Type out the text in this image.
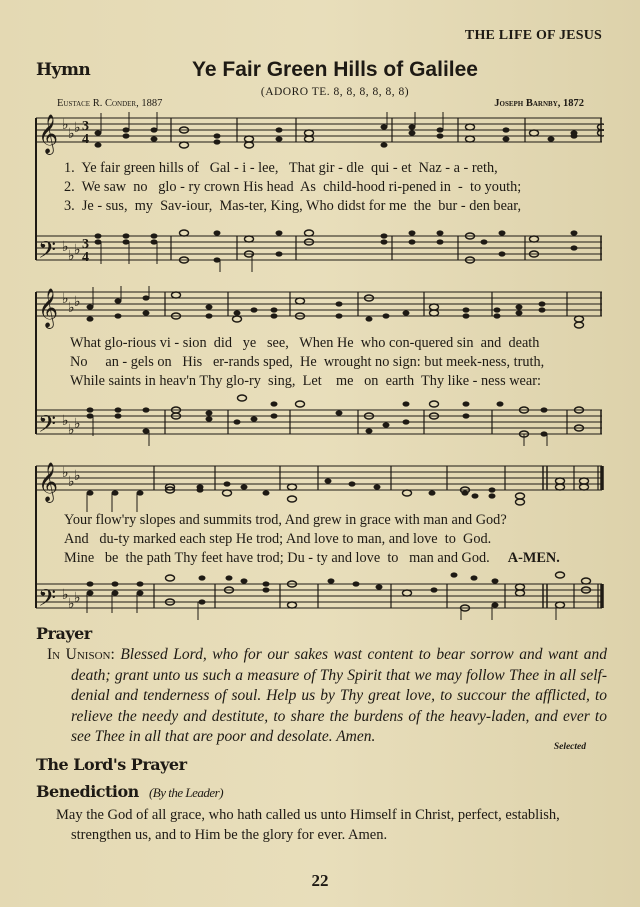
THE LIFE OF JESUS
Hymn	Ye Fair Green Hills of Galilee
(ADORO TE. 8, 8, 8, 8, 8, 8)
Eustace R. Conder, 1887	Joseph Barnby, 1872
𝄞
𝄢
♭
♭ ♭
♭
♭ ♭
3
4
3
4
1.  Ye fair green hills of   Gal - i - lee,   That gir - dle  qui - et  Naz - a - reth,
2.  We saw  no   glo - ry crown His head  As  child-hood ri-pened in  -  to youth;
3.  Je - sus,  my  Sav-iour,  Mas-ter, King, Who didst for me  the  bur - den bear,
𝄞
𝄢
♭
♭ ♭
♭
♭ ♭
What glo-rious vi - sion  did   ye   see,   When He  who con-quered sin  and  death
No     an - gels on   His   er-rands sped,  He  wrought no sign: but meek-ness, truth,
While saints in heav'n Thy glo-ry  sing,  Let    me   on  earth  Thy like - ness wear:
𝄞
𝄢
♭
♭ ♭
♭
♭ ♭
Your flow'ry slopes and summits trod, And grew in grace with man and God?
And   du-ty marked each step He trod; And love to man, and love  to  God.
Mine   be  the path Thy feet have trod; Du - ty and love  to   man and God. A-MEN.
Prayer

In Unison: Blessed Lord, who for our sakes wast content to bear sorrow and want and death; grant unto us such a measure of Thy Spirit that we may follow Thee in all self-denial and tenderness of soul. Help us by Thy great love, to succour the afflicted, to relieve the needy and destitute, to share the burdens of the heavy-laden, and ever to see Thee in all that are poor and desolate. Amen.

Selected
The Lord's Prayer
Benediction (By the Leader)

May the God of all grace, who hath called us unto Himself in Christ, perfect, establish, strengthen us, and to Him be the glory for ever. Amen.

22
